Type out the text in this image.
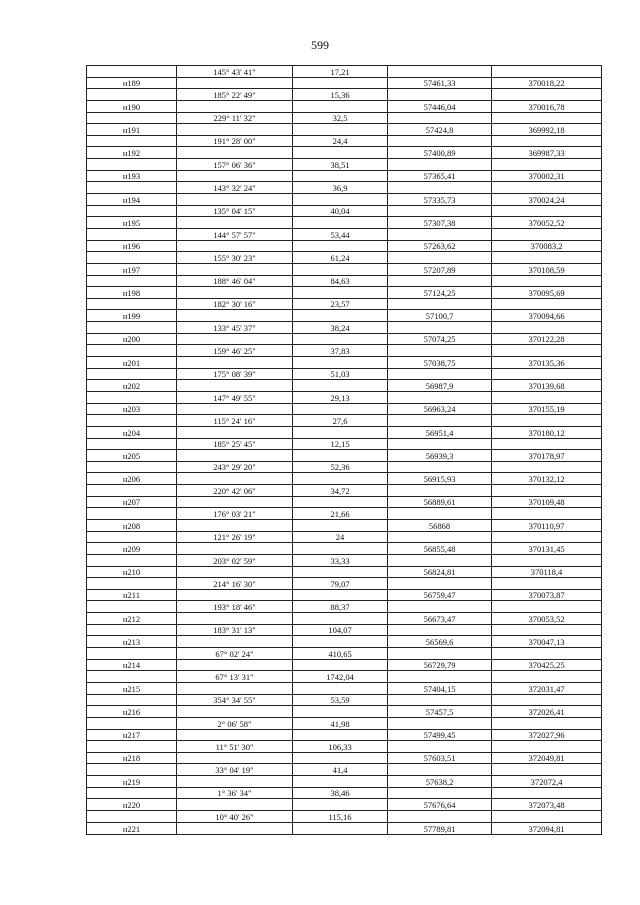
599
	145° 43' 41"	17,21		
н189			57461,33	370018,22
	185° 22' 49"	15,36		
н190			57446,04	370016,78
	229° 11' 32"	32,5		
н191			57424,8	369992,18
	191° 28' 00"	24,4		
н192			57400,89	369987,33
	157° 06' 36"	38,51		
н193			57365,41	370002,31
	143° 32' 24"	36,9		
н194			57335,73	370024,24
	135° 04' 15"	40,04		
н195			57307,38	370052,52
	144° 57' 57"	53,44		
н196			57263,62	370083,2
	155° 30' 23"	61,24		
н197			57207,89	370108,59
	188° 46' 04"	84,63		
н198			57124,25	370095,69
	182° 30' 16"	23,57		
н199			57100,7	370094,66
	133° 45' 37"	38,24		
н200			57074,25	370122,28
	159° 46' 25"	37,83		
н201			57038,75	370135,36
	175° 08' 39"	51,03		
н202			56987,9	370139,68
	147° 49' 55"	29,13		
н203			56963,24	370155,19
	115° 24' 16"	27,6		
н204			56951,4	370180,12
	185° 25' 45"	12,15		
н205			56939,3	370178,97
	243° 29' 20"	52,36		
н206			56915,93	370132,12
	220° 42' 06"	34,72		
н207			56889,61	370109,48
	176° 03' 21"	21,66		
н208			56868	370110,97
	121° 26' 19"	24		
н209			56855,48	370131,45
	203° 02' 59"	33,33		
н210			56824,81	370118,4
	214° 16' 30"	79,07		
н211			56759,47	370073,87
	193° 18' 46"	88,37		
н212			56673,47	370053,52
	183° 31' 13"	104,07		
н213			56569,6	370047,13
	67° 02' 24"	410,65		
н214			56729,79	370425,25
	67° 13' 31"	1742,04		
н215			57404,15	372031,47
	354° 34' 55"	53,59		
н216			57457,5	372026,41
	2° 06' 58"	41,98		
н217			57499,45	372027,96
	11° 51' 30"	106,33		
н218			57603,51	372049,81
	33° 04' 19"	41,4		
н219			57638,2	372072,4
	1° 36' 34"	38,46		
н220			57676,64	372073,48
	10° 40' 26"	115,16		
н221			57789,81	372094,81
